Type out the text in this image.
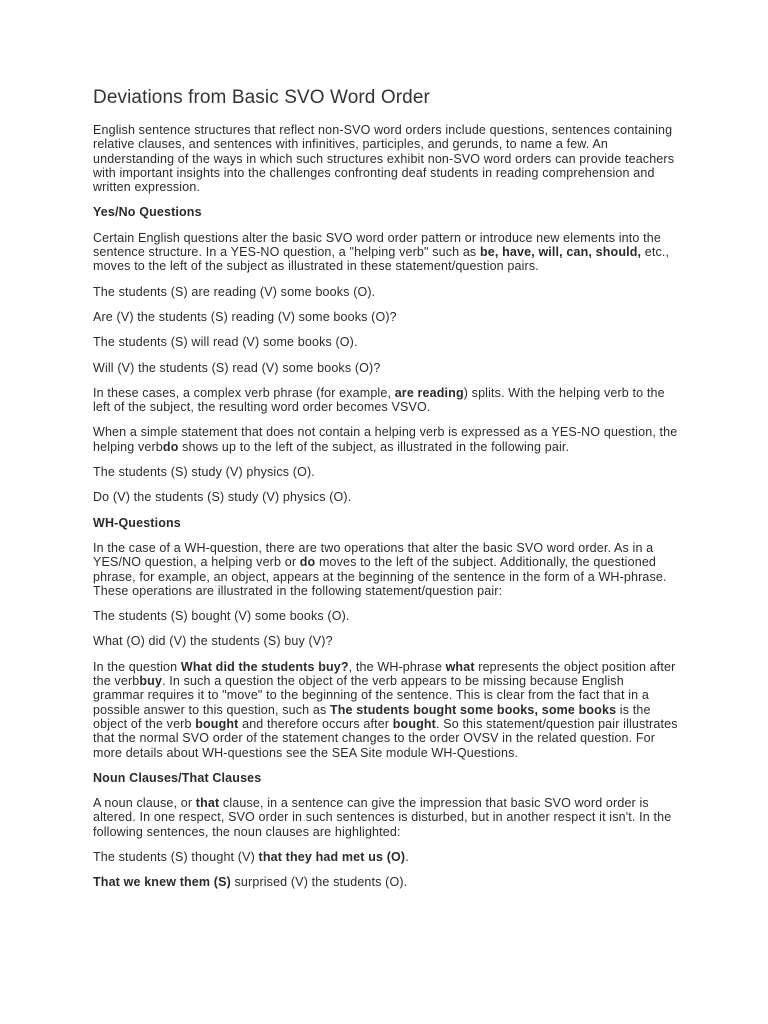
Deviations from Basic SVO Word Order

English sentence structures that reflect non-SVO word orders include questions, sentences containing relative clauses, and sentences with infinitives, participles, and gerunds, to name a few. An understanding of the ways in which such structures exhibit non-SVO word orders can provide teachers with important insights into the challenges confronting deaf students in reading comprehension and written expression.

Yes/No Questions

Certain English questions alter the basic SVO word order pattern or introduce new elements into the sentence structure. In a YES-NO question, a "helping verb" such as be, have, will, can, should, etc., moves to the left of the subject as illustrated in these statement/question pairs.

The students (S) are reading (V) some books (O).

Are (V) the students (S) reading (V) some books (O)?

The students (S) will read (V) some books (O).

Will (V) the students (S) read (V) some books (O)?

In these cases, a complex verb phrase (for example, are reading) splits. With the helping verb to the left of the subject, the resulting word order becomes VSVO.

When a simple statement that does not contain a helping verb is expressed as a YES-NO question, the helping verbdo shows up to the left of the subject, as illustrated in the following pair.

The students (S) study (V) physics (O).

Do (V) the students (S) study (V) physics (O).

WH-Questions

In the case of a WH-question, there are two operations that alter the basic SVO word order. As in a YES/NO question, a helping verb or do moves to the left of the subject. Additionally, the questioned phrase, for example, an object, appears at the beginning of the sentence in the form of a WH-phrase. These operations are illustrated in the following statement/question pair:

The students (S) bought (V) some books (O).

What (O) did (V) the students (S) buy (V)?

In the question What did the students buy?, the WH-phrase what represents the object position after the verbbuy. In such a question the object of the verb appears to be missing because English grammar requires it to "move" to the beginning of the sentence. This is clear from the fact that in a possible answer to this question, such as The students bought some books, some books is the object of the verb bought and therefore occurs after bought. So this statement/question pair illustrates that the normal SVO order of the statement changes to the order OVSV in the related question. For more details about WH-questions see the SEA Site module WH-Questions.

Noun Clauses/That Clauses

A noun clause, or that clause, in a sentence can give the impression that basic SVO word order is altered. In one respect, SVO order in such sentences is disturbed, but in another respect it isn't. In the following sentences, the noun clauses are highlighted:

The students (S) thought (V) that they had met us (O).

That we knew them (S) surprised (V) the students (O).
